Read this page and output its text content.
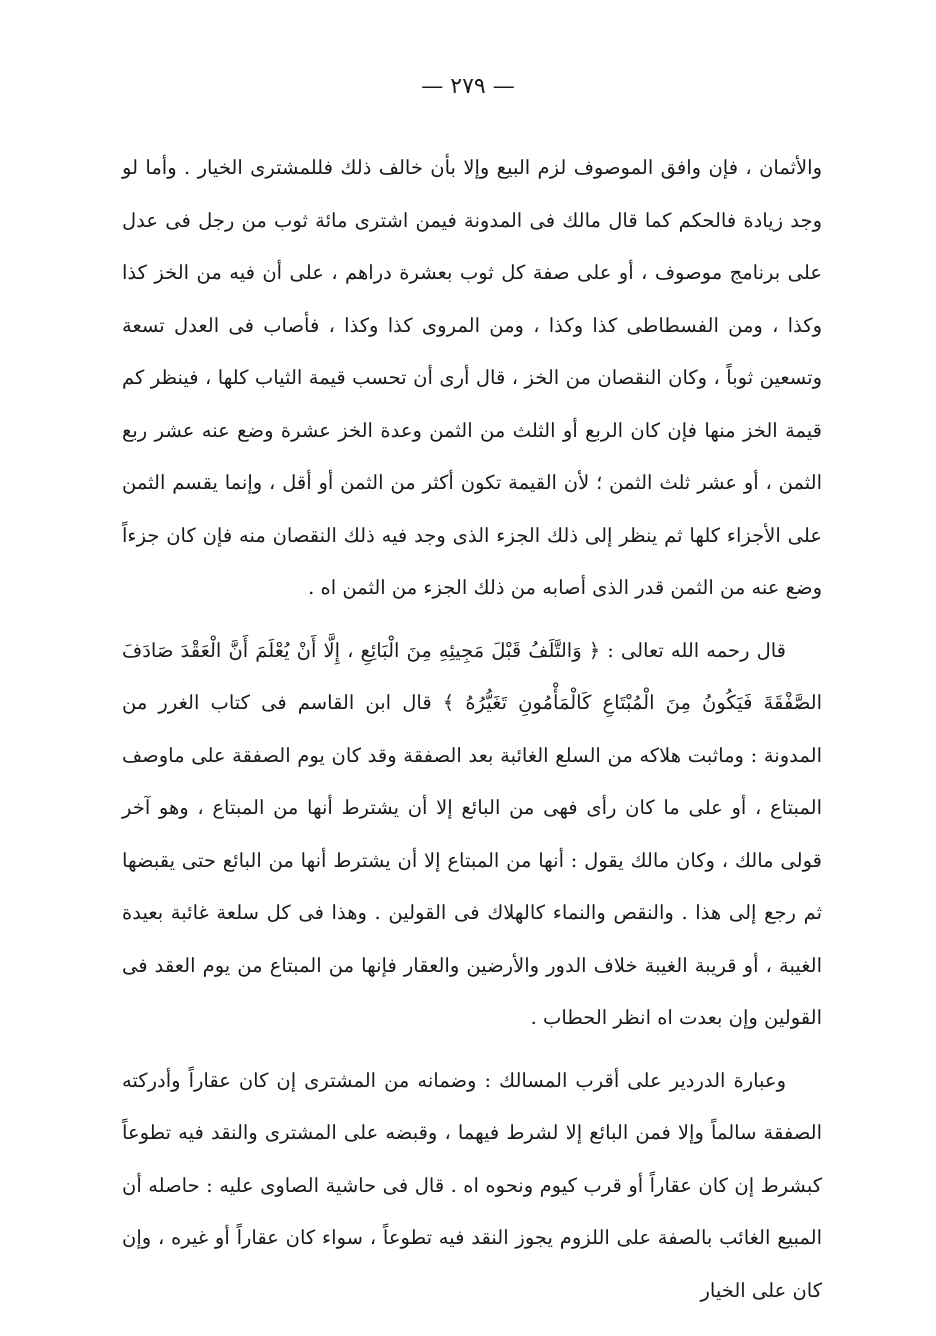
— ٢٧٩ —

والأثمان ، فإن وافق الموصوف لزم البيع وإلا بأن خالف ذلك فللمشترى الخيار . وأما لو وجد زيادة فالحكم كما قال مالك فى المدونة فيمن اشترى مائة ثوب من رجل فى عدل على برنامج موصوف ، أو على صفة كل ثوب بعشرة دراهم ، على أن فيه من الخز كذا وكذا ، ومن الفسطاطى كذا وكذا ، ومن المروى كذا وكذا ، فأصاب فى العدل تسعة وتسعين ثوباً ، وكان النقصان من الخز ، قال أرى أن تحسب قيمة الثياب كلها ، فينظر كم قيمة الخز منها فإن كان الربع أو الثلث من الثمن وعدة الخز عشرة وضع عنه عشر ربع الثمن ، أو عشر ثلث الثمن ؛ لأن القيمة تكون أكثر من الثمن أو أقل ، وإنما يقسم الثمن على الأجزاء كلها ثم ينظر إلى ذلك الجزء الذى وجد فيه ذلك النقصان منه فإن كان جزءاً وضع عنه من الثمن قدر الذى أصابه من ذلك الجزء من الثمن اه .

قال رحمه الله تعالى : ﴿ وَالتَّلَفُ قَبْلَ مَجِيئِهِ مِنَ الْبَائِعِ ، إِلَّا أَنْ يُعْلَمَ أَنَّ الْعَقْدَ صَادَفَ الصَّفْقَةَ فَيَكُونُ مِنَ الْمُبْتَاعِ كَالْمَأْمُونِ تَغَيُّرُهُ ﴾ قال ابن القاسم فى كتاب الغرر من المدونة : وماثبت هلاكه من السلع الغائبة بعد الصفقة وقد كان يوم الصفقة على ماوصف المبتاع ، أو على ما كان رأى فهى من البائع إلا أن يشترط أنها من المبتاع ، وهو آخر قولى مالك ، وكان مالك يقول : أنها من المبتاع إلا أن يشترط أنها من البائع حتى يقبضها ثم رجع إلى هذا . والنقص والنماء كالهلاك فى القولين . وهذا فى كل سلعة غائبة بعيدة الغيبة ، أو قريبة الغيبة خلاف الدور والأرضين والعقار فإنها من المبتاع من يوم العقد فى القولين وإن بعدت اه انظر الحطاب .

وعبارة الدردير على أقرب المسالك : وضمانه من المشترى إن كان عقاراً وأدركته الصفقة سالماً وإلا فمن البائع إلا لشرط فيهما ، وقبضه على المشترى والنقد فيه تطوعاً كبشرط إن كان عقاراً أو قرب كيوم ونحوه اه . قال فى حاشية الصاوى عليه : حاصله أن المبيع الغائب بالصفة على اللزوم يجوز النقد فيه تطوعاً ، سواء كان عقاراً أو غيره ، وإن كان على الخيار
